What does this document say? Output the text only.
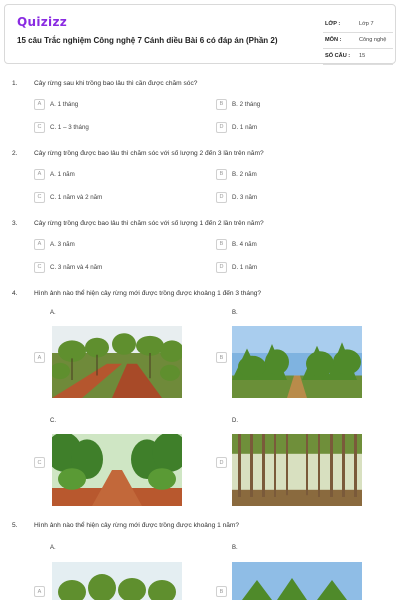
Quizizz
15 câu Trắc nghiệm Công nghệ 7 Cánh diều Bài 6 có đáp án (Phần 2)
LỚP :	Lớp 7
MÔN :	Công nghệ
SỐ CÂU : 15
1.	Cây rừng sau khi trồng bao lâu thì cần được chăm sóc?
A	A. 1 tháng	B	B. 2 tháng
C	C. 1 – 3 tháng	D	D. 1 năm
2.	Cây rừng trồng được bao lâu thì chăm sóc với số lượng 2 đến 3 lần trên năm?
A	A. 1 năm	B	B. 2 năm
C	C. 1 năm và 2 năm	D	D. 3 năm
3.	Cây rừng trồng được bao lâu thì chăm sóc với số lượng 1 đến 2 lần trên năm?
A	A. 3 năm	B	B. 4 năm
C	C. 3 năm và 4 năm	D	D. 1 năm
4.	Hình ảnh nào thể hiện cây rừng mới được trồng được khoảng 1 đến 3 tháng?
A.	B.
A	B
C.	D.
C	D
5.	Hình ảnh nào thể hiện cây rừng mới được trồng được khoảng 1 năm?
A.	B.
A	B
